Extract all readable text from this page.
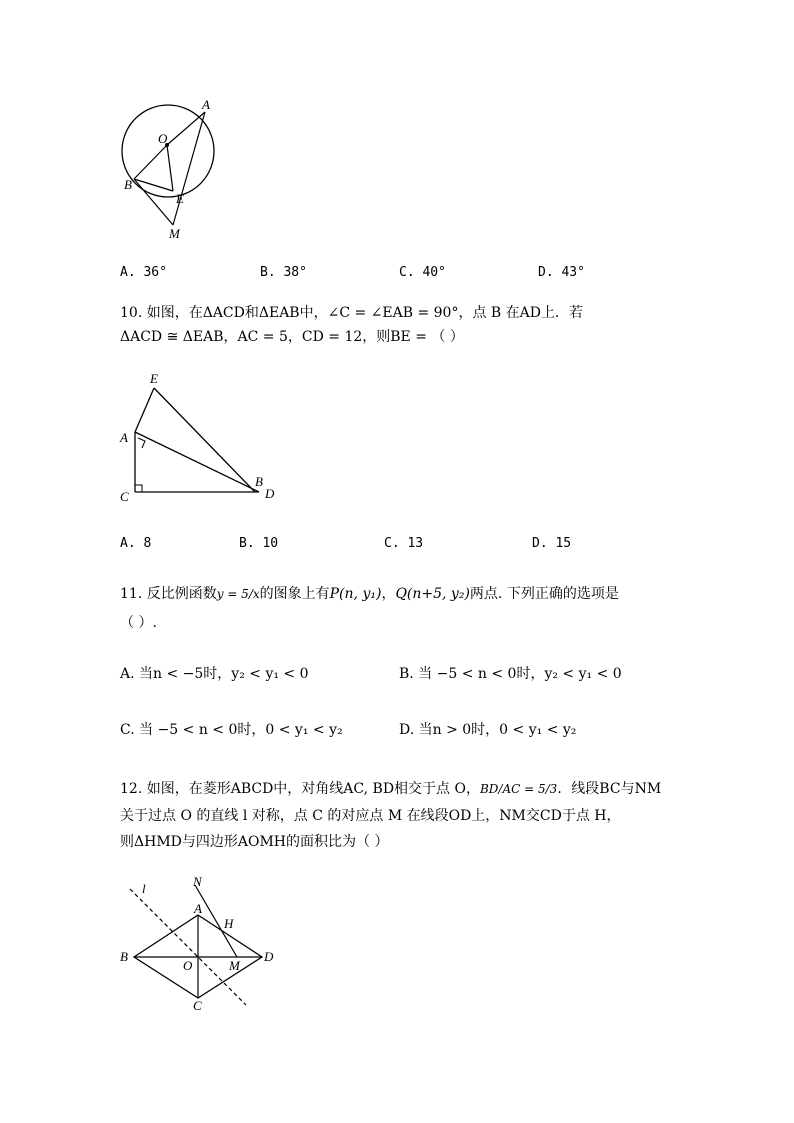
A
O
B
E
M
A. 36°	B. 38°	C. 40°	D. 43°
10. 如图，在ΔACD和ΔEAB中，∠C = ∠EAB = 90°，点 B 在AD上．若
ΔACD ≅ ΔEAB，AC = 5，CD = 12，则BE = （ ）
E
A
C
B
D
A. 8	B. 10	C. 13	D. 15
11. 反比例函数y = 5/x的图象上有P(n, y₁)，Q(n+5, y₂)两点. 下列正确的选项是
（ ）.
A. 当n < −5时，y₂ < y₁ < 0	B. 当 −5 < n < 0时，y₂ < y₁ < 0
C. 当 −5 < n < 0时，0 < y₁ < y₂	D. 当n > 0时，0 < y₁ < y₂
12. 如图，在菱形ABCD中，对角线AC, BD相交于点 O，BD/AC = 5/3．线段BC与NM
关于过点 O 的直线 l 对称，点 C 的对应点 M 在线段OD上，NM交CD于点 H，
则ΔHMD与四边形AOMH的面积比为（ ）
l	N
A
H
B
O	M
D
C
